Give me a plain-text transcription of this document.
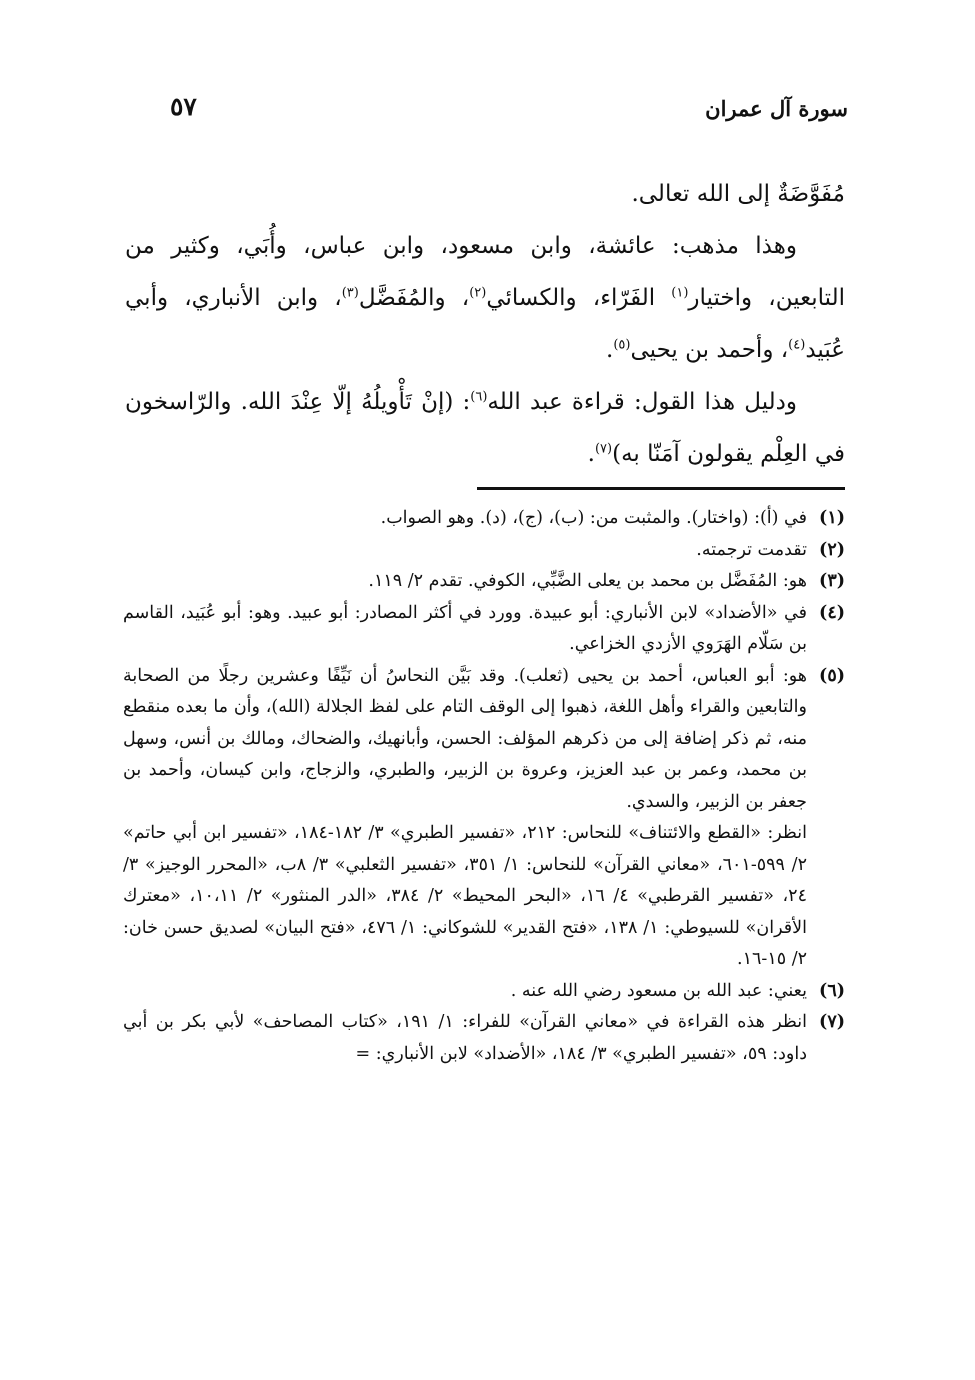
سورة آل عمران
٥٧

مُفَوَّضَةٌ إلى الله تعالى.

وهذا مذهب: عائشة، وابن مسعود، وابن عباس، وأُبَي، وكثير من التابعين، واختيار$^{(١)}$ الفَرّاء، والكسائي$^{(٢)}$، والمُفَضَّل$^{(٣)}$، وابن الأنباري، وأبي عُبَيد$^{(٤)}$، وأحمد بن يحيى$^{(٥)}$.

ودليل هذا القول: قراءة عبد الله$^{(٦)}$: (إنْ تَأْويلُهُ إلّا عِنْدَ الله. والرّاسخون في العِلْم يقولون آمَنّا به)$^{(٧)}$.

(١)
في (أ): (واختار). والمثبت من: (ب)، (ج)، (د). وهو الصواب.
(٢)
تقدمت ترجمته.
(٣)
هو: المُفَضَّل بن محمد بن يعلى الضَّبِّي، الكوفي. تقدم ٢/ ١١٩.
(٤)
في «الأضداد» لابن الأنباري: أبو عبيدة. وورد في أكثر المصادر: أبو عبيد. وهو: أبو عُبَيد، القاسم بن سَلّام الهَرَوي الأزدي الخزاعي.
(٥)
هو: أبو العباس، أحمد بن يحيى (ثعلب). وقد بَيَّن النحاسُ أن نَيِّفًا وعشرين رجلًا من الصحابة والتابعين والقراء وأهل اللغة، ذهبوا إلى الوقف التام على لفظ الجلالة (الله)، وأن ما بعده منقطع منه، ثم ذكر إضافة إلى من ذكرهم المؤلف: الحسن، وأبانهيك، والضحاك، ومالك بن أنس، وسهل بن محمد، وعمر بن عبد العزيز، وعروة بن الزبير، والطبري، والزجاج، وابن كيسان، وأحمد بن جعفر بن الزبير، والسدي.
انظر: «القطع والائتناف» للنحاس: ٢١٢، «تفسير الطبري» ٣/ ١٨٢-١٨٤، «تفسير ابن أبي حاتم» ٢/ ٥٩٩-٦٠١، «معاني القرآن» للنحاس: ١/ ٣٥١، «تفسير الثعلبي» ٣/ ٨ب، «المحرر الوجيز» ٣/ ٢٤، «تفسير القرطبي» ٤/ ١٦، «البحر المحيط» ٢/ ٣٨٤، «الدر المنثور» ٢/ ١٠،١١، «معترك الأقران» للسيوطي: ١/ ١٣٨، «فتح القدير» للشوكاني: ١/ ٤٧٦، «فتح البيان» لصديق حسن خان: ٢/ ١٥-١٦.
(٦)
يعني: عبد الله بن مسعود رضي الله عنه .
(٧)
انظر هذه القراءة في «معاني القرآن» للفراء: ١/ ١٩١، «كتاب المصاحف» لأبي بكر بن أبي داود: ٥٩، «تفسير الطبري» ٣/ ١٨٤، «الأضداد» لابن الأنباري: =
